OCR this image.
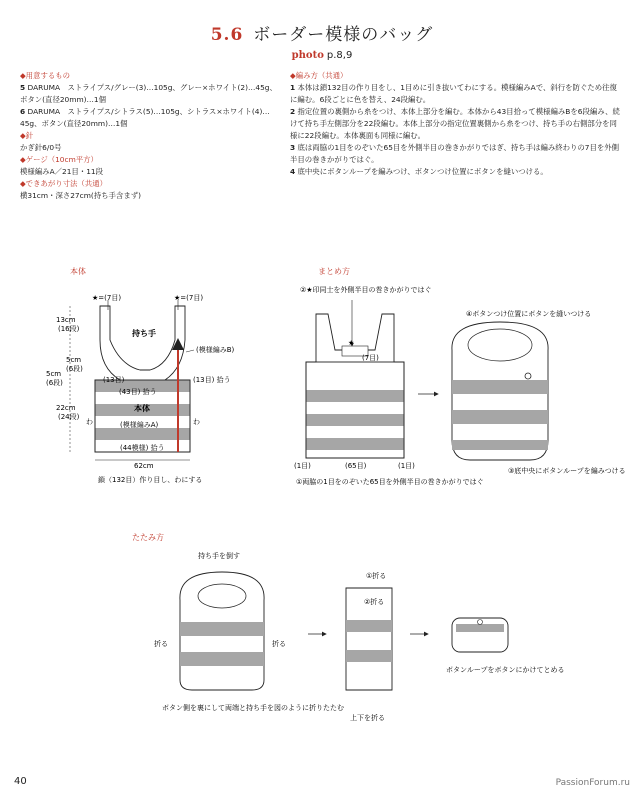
5.6 ボーダー模様のバッグ
photo p.8,9
◆用意するもの
5 DARUMA　ストライプス/グレー(3)…105g、グレー×ホワイト(2)…45g、ボタン(直径20mm)…1個
6 DARUMA　ストライプス/シトラス(5)…105g、シトラス×ホワイト(4)…45g、ボタン(直径20mm)…1個
◆針
かぎ針6/0号
◆ゲージ（10cm平方）
模様編みA／21目・11段
◆できあがり寸法（共通）
横31cm・深さ27cm(持ち手含まず)
◆編み方（共通）
1 本体は鎖132目の作り目をし、1目めに引き抜いてわにする。模様編みAで、斜行を防ぐため往復に編む。6段ごとに色を替え、24段編む。
2 指定位置の裏側から糸をつけ、本体上部分を編む。本体から43目拾って模様編みBを6段編み、続けて持ち手左側部分を22段編む。本体上部分の指定位置裏側から糸をつけ、持ち手の右側部分を同様に22段編む。本体裏面も同様に編む。
3 底は両脇の1目をのぞいた65目を外側半目の巻きかがりではぎ、持ち手は編み終わりの7目を外側半目の巻きかがりではぐ。
4 底中央にボタンループを編みつけ、ボタンつけ位置にボタンを縫いつける。
本体	まとめ方
たたみ方
★=(7目)	★=(7目)
持ち手
(模様編みB)
(13目)	(13目) 拾う
(43目) 拾う
本体
(模様編みA)
わ	わ
(44模様) 拾う
62cm
鎖（132目）作り目し、わにする
13cm
(16段)
5cm
(6段)
5cm
(6段)
22cm
(24段)
②★印同士を外側半目の巻きかがりではぐ
★
(7目)
(1目)	(65目)	(1目)
①両脇の1目をのぞいた65目を外側半目の巻きかがりではぐ
④ボタンつけ位置にボタンを縫いつける
③底中央にボタンループを編みつける
持ち手を倒す
折る	折る
ボタン側を裏にして両端と持ち手を図のように折りたたむ
①折る
②折る
上下を折る
ボタンループをボタンにかけてとめる
40	PassionForum.ru
